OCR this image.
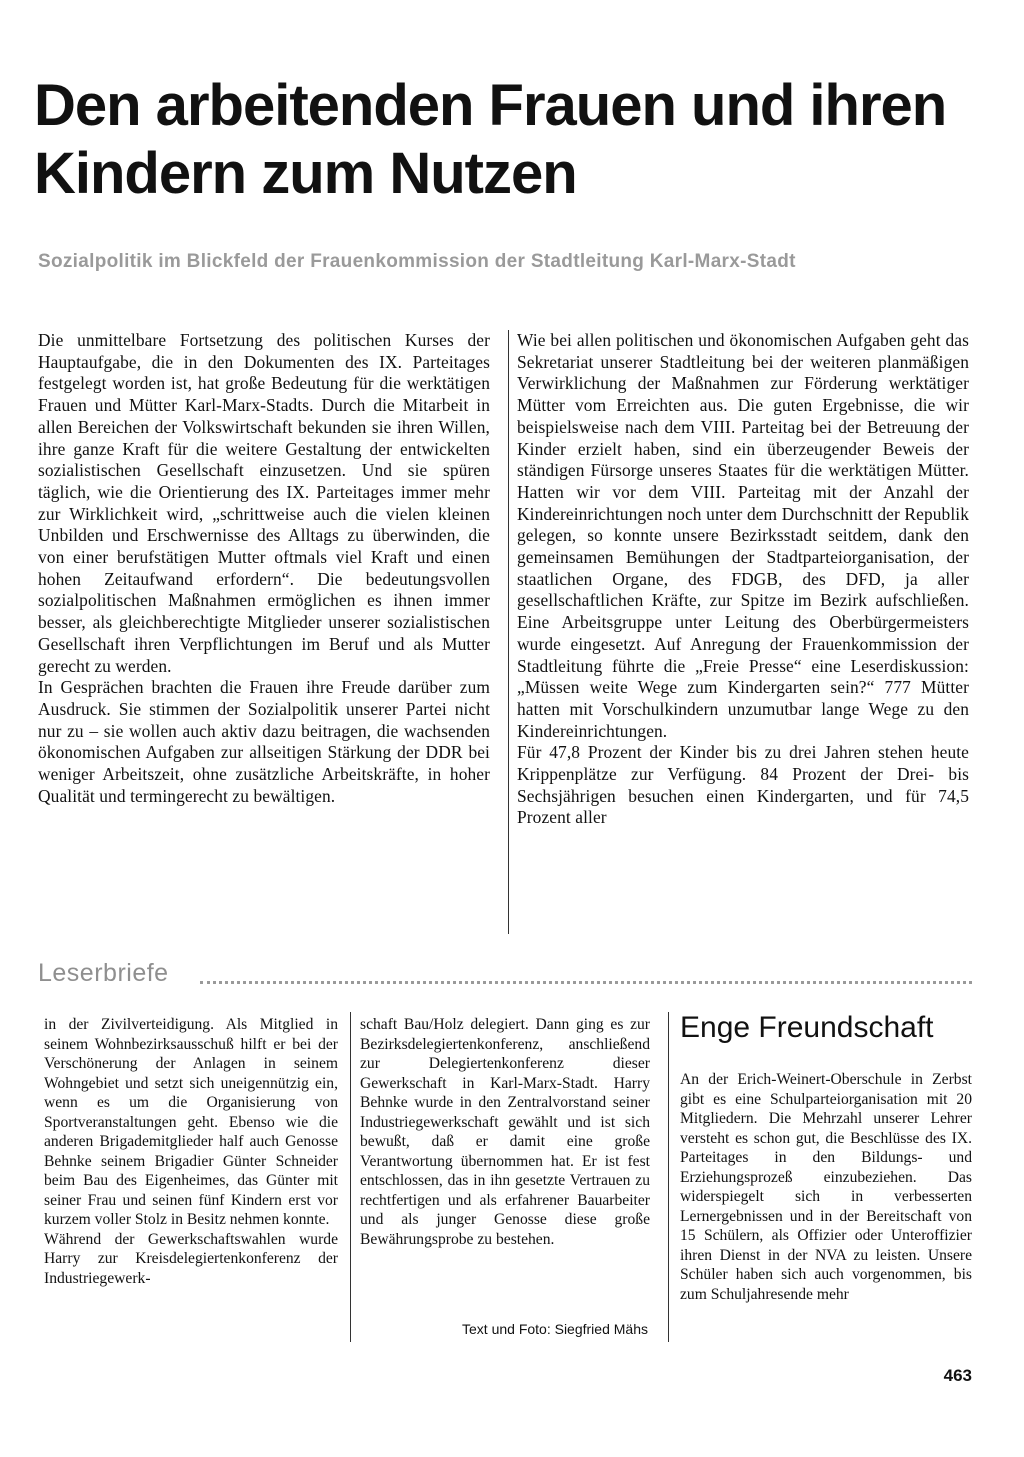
Den arbeitenden Frauen und ihren Kindern zum Nutzen
Sozialpolitik im Blickfeld der Frauenkommission der Stadtleitung Karl-Marx-Stadt

Die unmittelbare Fortsetzung des politischen Kurses der Hauptaufgabe, die in den Dokumenten des IX. Parteitages festgelegt worden ist, hat große Bedeutung für die werktätigen Frauen und Mütter Karl-Marx-Stadts. Durch die Mitarbeit in allen Bereichen der Volkswirtschaft bekunden sie ihren Willen, ihre ganze Kraft für die weitere Gestaltung der entwickelten sozialistischen Gesellschaft einzusetzen. Und sie spüren täglich, wie die Orientierung des IX. Parteitages immer mehr zur Wirklichkeit wird, „schrittweise auch die vielen kleinen Unbilden und Erschwernisse des Alltags zu überwinden, die von einer berufstätigen Mutter oftmals viel Kraft und einen hohen Zeitaufwand erfordern“. Die bedeutungsvollen sozialpolitischen Maßnahmen ermöglichen es ihnen immer besser, als gleichberechtigte Mitglieder unserer sozialistischen Gesellschaft ihren Verpflichtungen im Beruf und als Mutter gerecht zu werden.

In Gesprächen brachten die Frauen ihre Freude darüber zum Ausdruck. Sie stimmen der Sozialpolitik unserer Partei nicht nur zu – sie wollen auch aktiv dazu beitragen, die wachsenden ökonomischen Aufgaben zur allseitigen Stärkung der DDR bei weniger Arbeitszeit, ohne zusätzliche Arbeitskräfte, in hoher Qualität und termingerecht zu bewältigen.

Wie bei allen politischen und ökonomischen Aufgaben geht das Sekretariat unserer Stadtleitung bei der weiteren planmäßigen Verwirklichung der Maßnahmen zur Förderung werktätiger Mütter vom Erreichten aus. Die guten Ergebnisse, die wir beispielsweise nach dem VIII. Parteitag bei der Betreuung der Kinder erzielt haben, sind ein überzeugender Beweis der ständigen Fürsorge unseres Staates für die werktätigen Mütter. Hatten wir vor dem VIII. Parteitag mit der Anzahl der Kindereinrichtungen noch unter dem Durchschnitt der Republik gelegen, so konnte unsere Bezirksstadt seitdem, dank den gemeinsamen Bemühungen der Stadtparteiorganisation, der staatlichen Organe, des FDGB, des DFD, ja aller gesellschaftlichen Kräfte, zur Spitze im Bezirk aufschließen. Eine Arbeitsgruppe unter Leitung des Oberbürgermeisters wurde eingesetzt. Auf Anregung der Frauenkommission der Stadtleitung führte die „Freie Presse“ eine Leserdiskussion: „Müssen weite Wege zum Kindergarten sein?“ 777 Mütter hatten mit Vorschulkindern unzumutbar lange Wege zu den Kindereinrichtungen.

Für 47,8 Prozent der Kinder bis zu drei Jahren stehen heute Krippenplätze zur Verfügung. 84 Prozent der Drei- bis Sechsjährigen besuchen einen Kindergarten, und für 74,5 Prozent aller

Leserbriefe

in der Zivilverteidigung. Als Mitglied in seinem Wohnbezirksausschuß hilft er bei der Verschönerung der Anlagen in seinem Wohngebiet und setzt sich uneigennützig ein, wenn es um die Organisierung von Sportveranstaltungen geht. Ebenso wie die anderen Brigademitglieder half auch Genosse Behnke seinem Brigadier Günter Schneider beim Bau des Eigenheimes, das Günter mit seiner Frau und seinen fünf Kindern erst vor kurzem voller Stolz in Besitz nehmen konnte.

Während der Gewerkschaftswahlen wurde Harry zur Kreisdelegiertenkonferenz der Industriegewerk-

schaft Bau/Holz delegiert. Dann ging es zur Bezirksdelegiertenkonferenz, anschließend zur Delegiertenkonferenz dieser Gewerkschaft in Karl-Marx-Stadt. Harry Behnke wurde in den Zentralvorstand seiner Industriegewerkschaft gewählt und ist sich bewußt, daß er damit eine große Verantwortung übernommen hat. Er ist fest entschlossen, das in ihn gesetzte Vertrauen zu rechtfertigen und als erfahrener Bauarbeiter und als junger Genosse diese große Bewährungsprobe zu bestehen.

Text und Foto: Siegfried Mähs
Enge Freundschaft

An der Erich-Weinert-Oberschule in Zerbst gibt es eine Schulparteiorganisation mit 20 Mitgliedern. Die Mehrzahl unserer Lehrer versteht es schon gut, die Beschlüsse des IX. Parteitages in den Bildungs- und Erziehungsprozeß einzubeziehen. Das widerspiegelt sich in verbesserten Lernergebnissen und in der Bereitschaft von 15 Schülern, als Offizier oder Unteroffizier ihren Dienst in der NVA zu leisten. Unsere Schüler haben sich auch vorgenommen, bis zum Schuljahresende mehr

463
